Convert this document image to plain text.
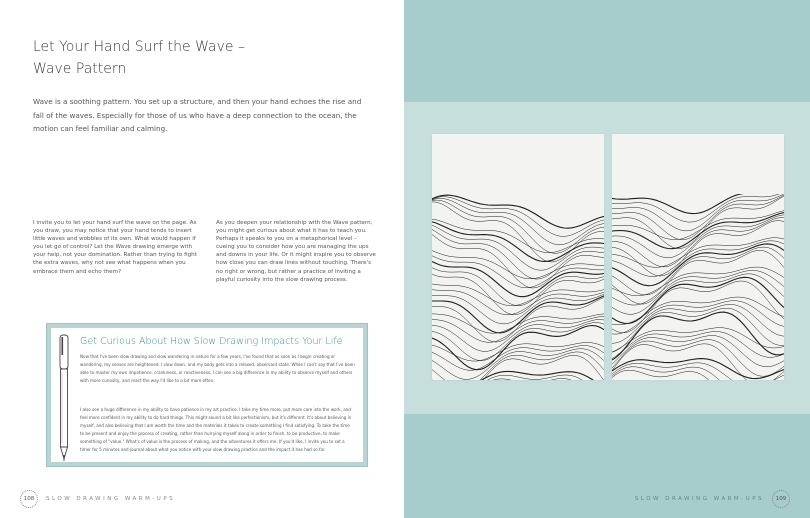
Let Your Hand Surf the Wave –
Wave Pattern

Wave is a soothing pattern. You set up a structure, and then your hand echoes the rise and fall of the waves. Especially for those of us who have a deep connection to the ocean, the motion can feel familiar and calming.

I invite you to let your hand surf the wave on the page. As you draw, you may notice that your hand tends to insert little waves and wobbles of its own. What would happen if you let go of control? Let the Wave drawing emerge with your help, not your domination. Rather than trying to fight the extra waves, why not see what happens when you embrace them and echo them?

As you deepen your relationship with the Wave pattern, you might get curious about what it has to teach you. Perhaps it speaks to you on a metaphorical level – cueing you to consider how you are managing the ups and downs in your life. Or it might inspire you to observe how close you can draw lines without touching. There's no right or wrong, but rather a practice of inviting a playful curiosity into the slow drawing process.

Get Curious About How Slow Drawing Impacts Your Life

Now that I've been slow drawing and slow wandering in nature for a few years, I've found that as soon as I begin creating or wandering, my senses are heightened. I slow down, and my body gets into a relaxed, observant state. While I can't say that I've been able to master my own impatience, crankiness, or reactiveness, I can see a big difference in my ability to observe myself and others with more curiosity, and react the way I'd like to a bit more often.

I also see a huge difference in my ability to have patience in my art practice. I take my time more, put more care into the work, and feel more confident in my ability to do hard things. This might sound a bit like perfectionism, but it's different. It's about believing in myself, and also believing that I am worth the time and the materials it takes to create something I find satisfying. To take the time to be present and enjoy the process of creating, rather than hurrying myself along in order to finish, to be productive, to make something of "value." What's of value is the process of making, and the adventures it offers me. If you'd like, I invite you to set a timer for 5 minutes and journal about what you notice with your slow drawing practice and the impact it has had so far.

108 SLOW DRAWING WARM-UPS	SLOW DRAWING WARM-UPS 109
